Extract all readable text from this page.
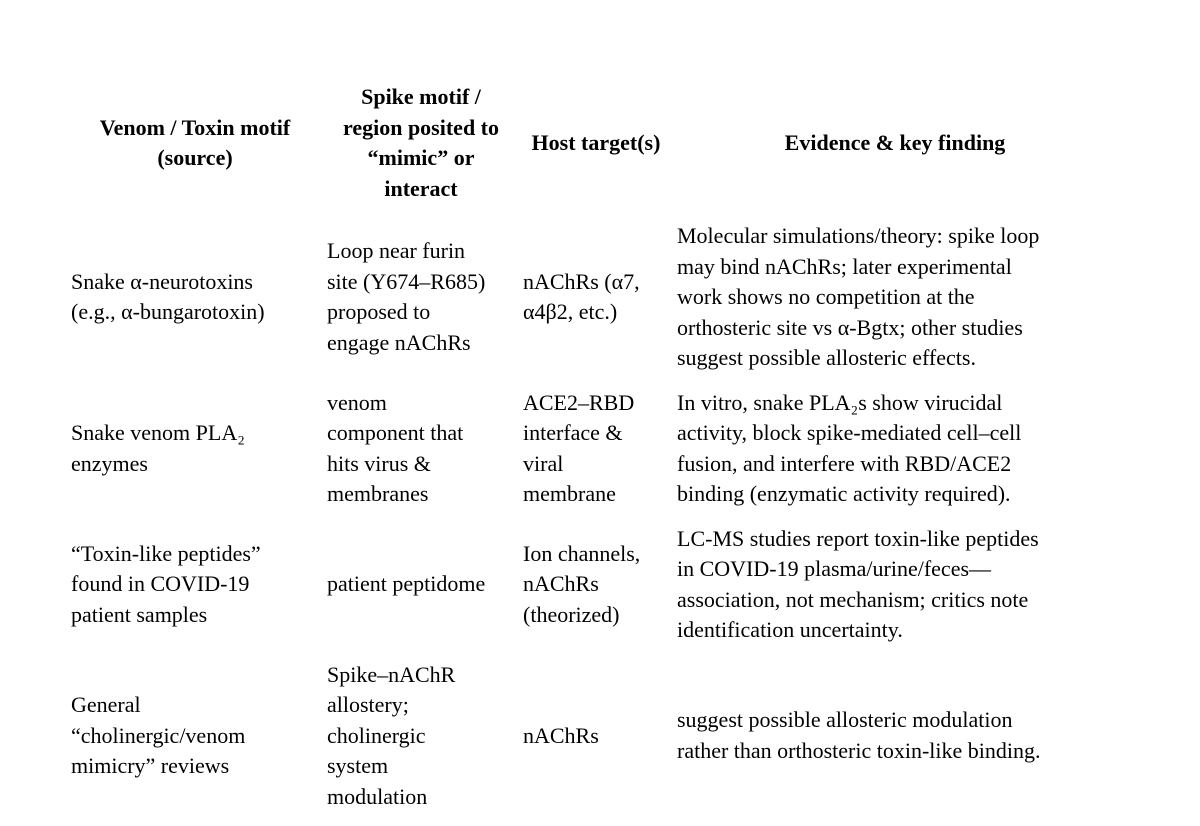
Venom / Toxin motif
(source)	Spike motif /
region posited to
“mimic” or
interact	Host target(s)	Evidence & key finding

Snake α-neurotoxins
(e.g., α-bungarotoxin)	Loop near furin
site (Y674–R685)
proposed to
engage nAChRs	nAChRs (α7,
α4β2, etc.)	Molecular simulations/theory: spike loop
may bind nAChRs; later experimental
work shows no competition at the
orthosteric site vs α-Bgtx; other studies
suggest possible allosteric effects.

Snake venom PLA₂
enzymes	venom
component that
hits virus &
membranes	ACE2–RBD
interface &
viral
membrane	In vitro, snake PLA₂s show virucidal
activity, block spike-mediated cell–cell
fusion, and interfere with RBD/ACE2
binding (enzymatic activity required).

“Toxin-like peptides”
found in COVID-19
patient samples	patient peptidome	Ion channels,
nAChRs
(theorized)	LC-MS studies report toxin-like peptides
in COVID-19 plasma/urine/feces—
association, not mechanism; critics note
identification uncertainty.

General
“cholinergic/venom
mimicry” reviews	Spike–nAChR
allostery;
cholinergic
system
modulation	nAChRs	suggest possible allosteric modulation
rather than orthosteric toxin-like binding.
